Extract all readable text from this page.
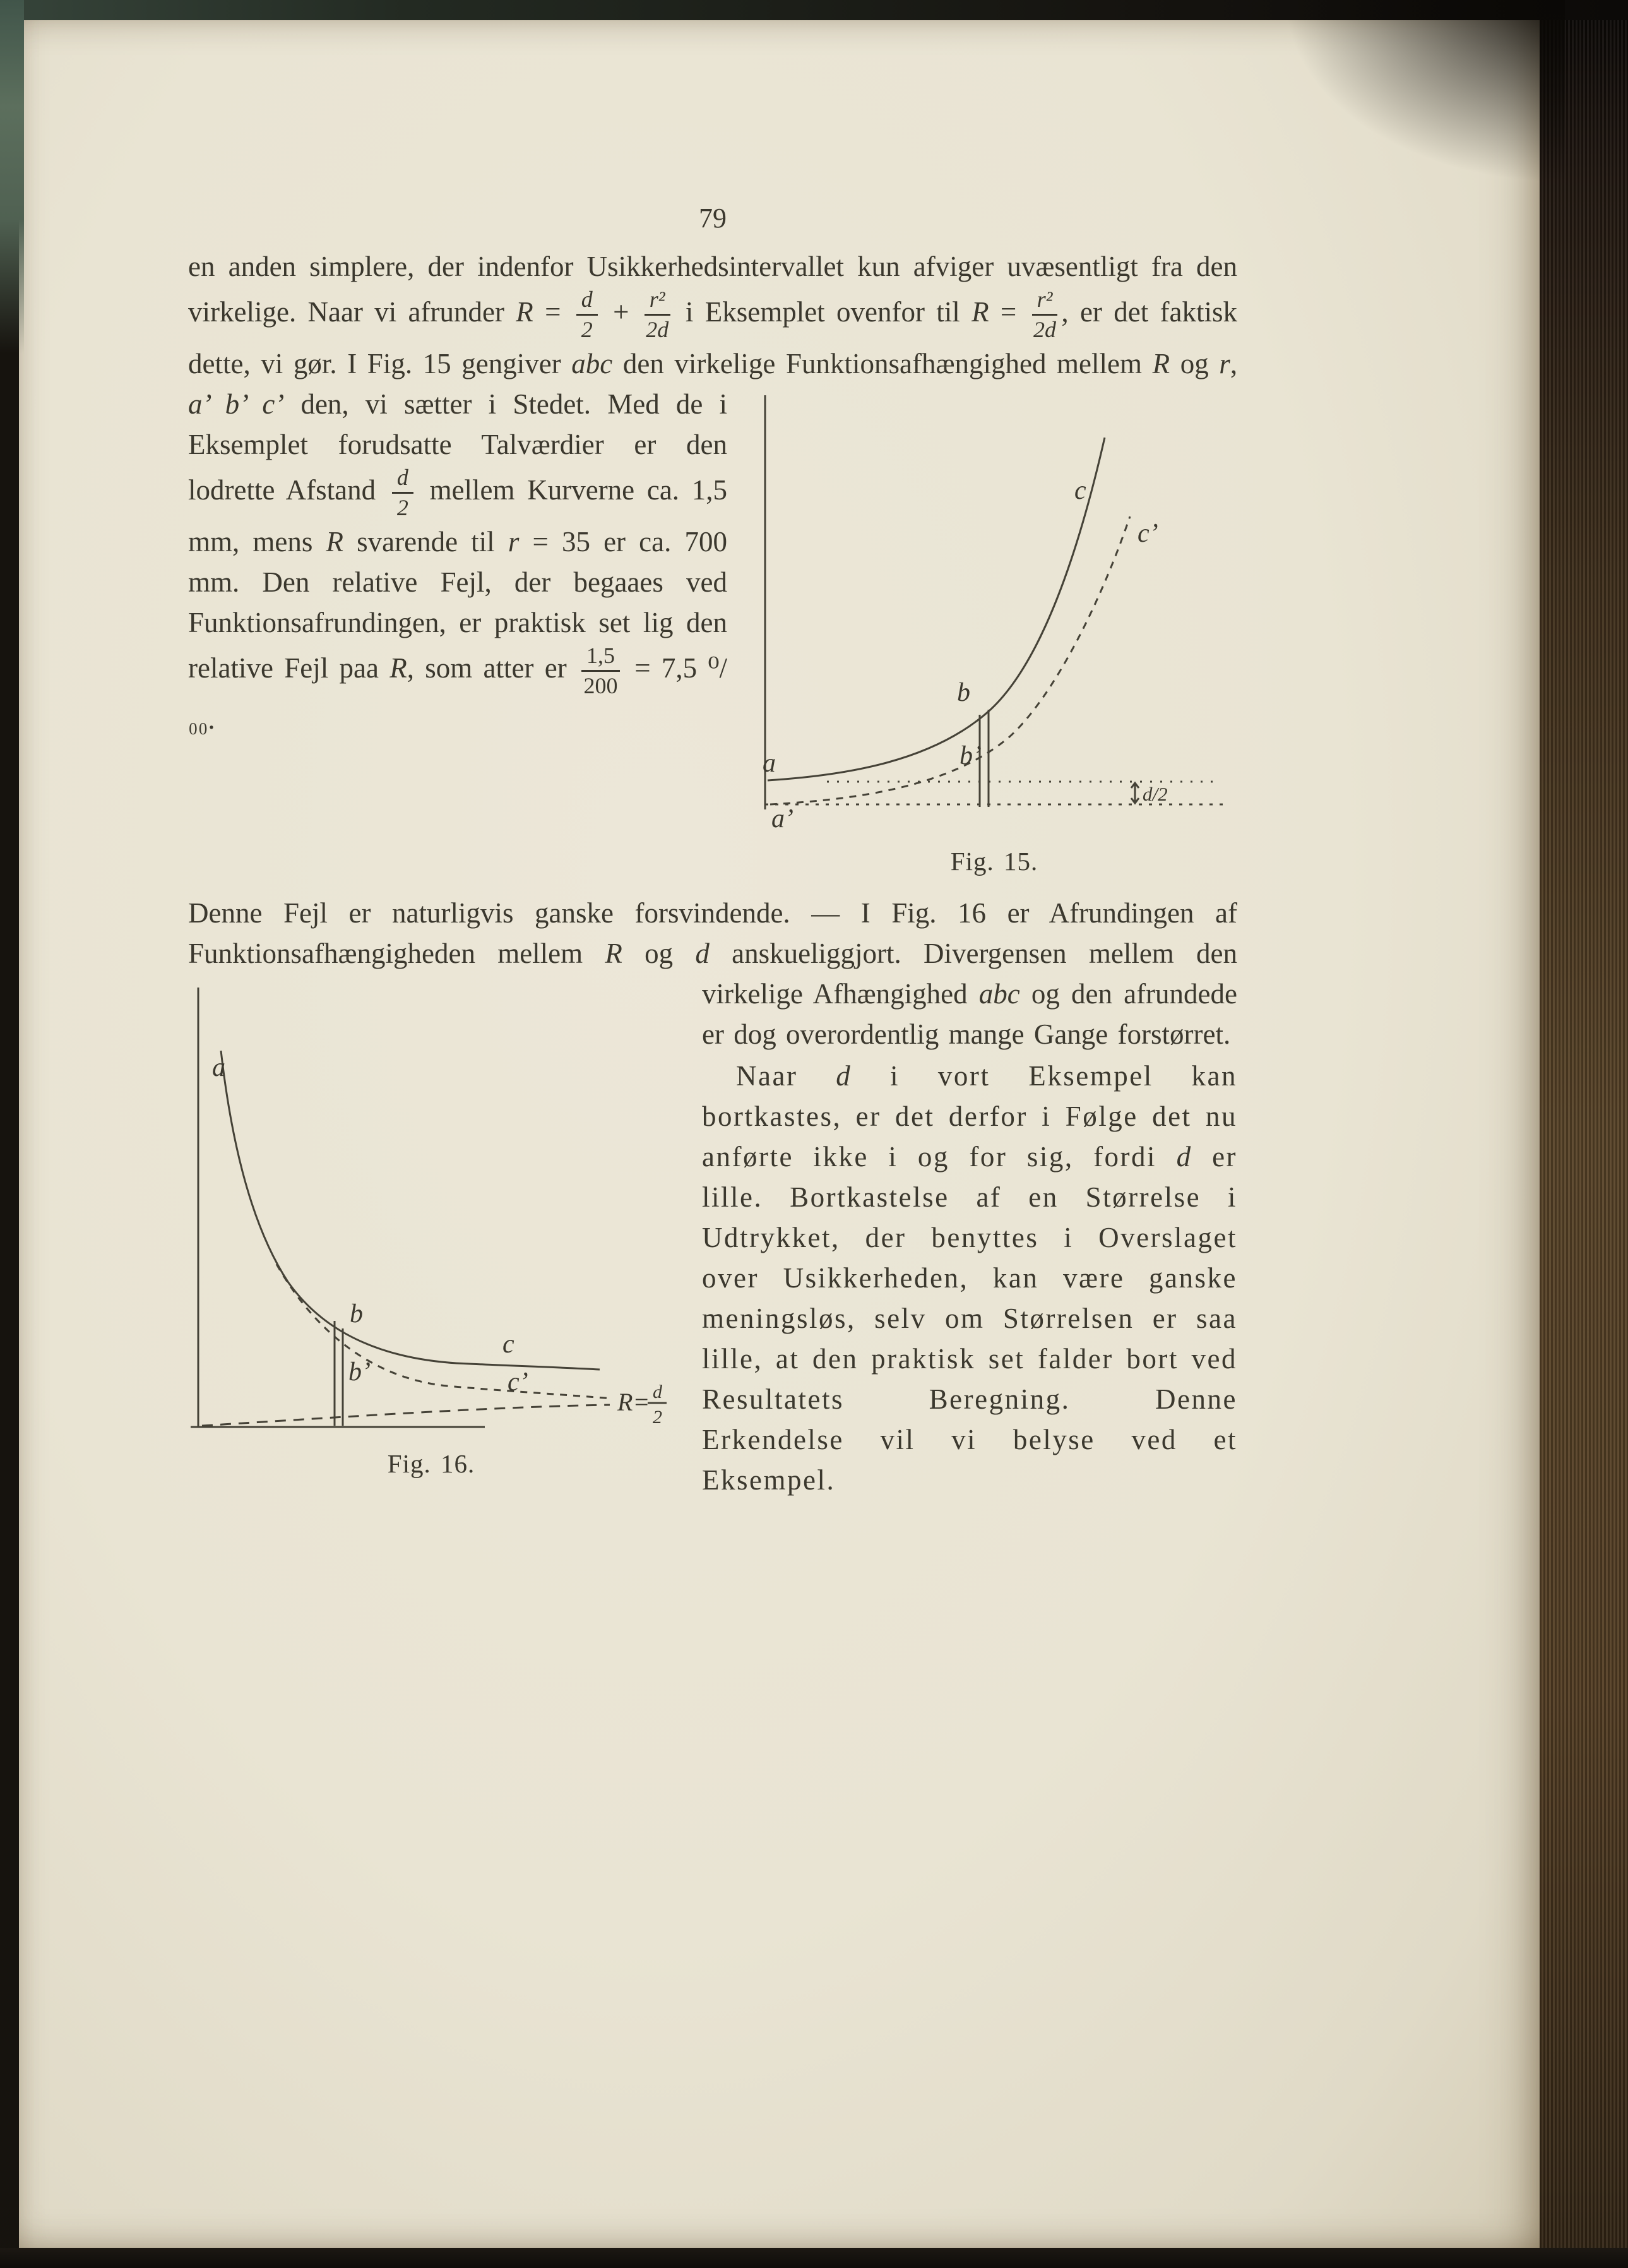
79
en anden simplere, der indenfor Usikkerhedsintervallet kun afviger uvæsentligt fra den virkelige. Naar vi afrunder $R = \frac{d}{2} + \frac{\text{r²}}{2d}$ i Eksemplet ovenfor til $R = \frac{\text{r²}}{2d}$ , er det faktisk dette, vi gør. I Fig. 15 gengiver abc den virkelige Funktionsafhængighed
a
a’
b
b’
c
c’
d/2
Fig. 15.
mellem R og r, a’ b’ c’ den, vi sætter i Stedet. Med de i Eksemplet forudsatte Talværdier er den lodrette Afstand $\frac{d}{2}$ mellem Kurverne ca. 1,5 mm, mens R svarende til r = 35 er ca. 700 mm. Den relative Fejl, der begaaes ved Funktionsafrundingen, er praktisk set lig den relative Fejl paa R, som atter er $\frac{1,5}{200} = 7,5$ ⁰/₀₀.
Denne Fejl er naturligvis ganske forsvindende. — I Fig. 16 er Afrundingen af Funktionsafhængigheden mellem R og d anskueliggjort. Divergensen mellem den virkelige Afhængighed
a
b
b’
c
c’
R= d
2
Fig. 16.
abc og den afrundede er dog overordentlig mange Gange forstørret.
Naar d i vort Eksempel kan bortkastes, er det derfor i Følge det nu anførte ikke i og for sig, fordi d er lille. Bortkastelse af en Størrelse i Udtrykket, der benyttes i Overslaget over Usikkerheden, kan være ganske meningsløs, selv om Størrelsen er saa lille, at den praktisk set falder bort ved Resultatets Beregning. Denne Erkendelse vil vi belyse ved et Eksempel.
